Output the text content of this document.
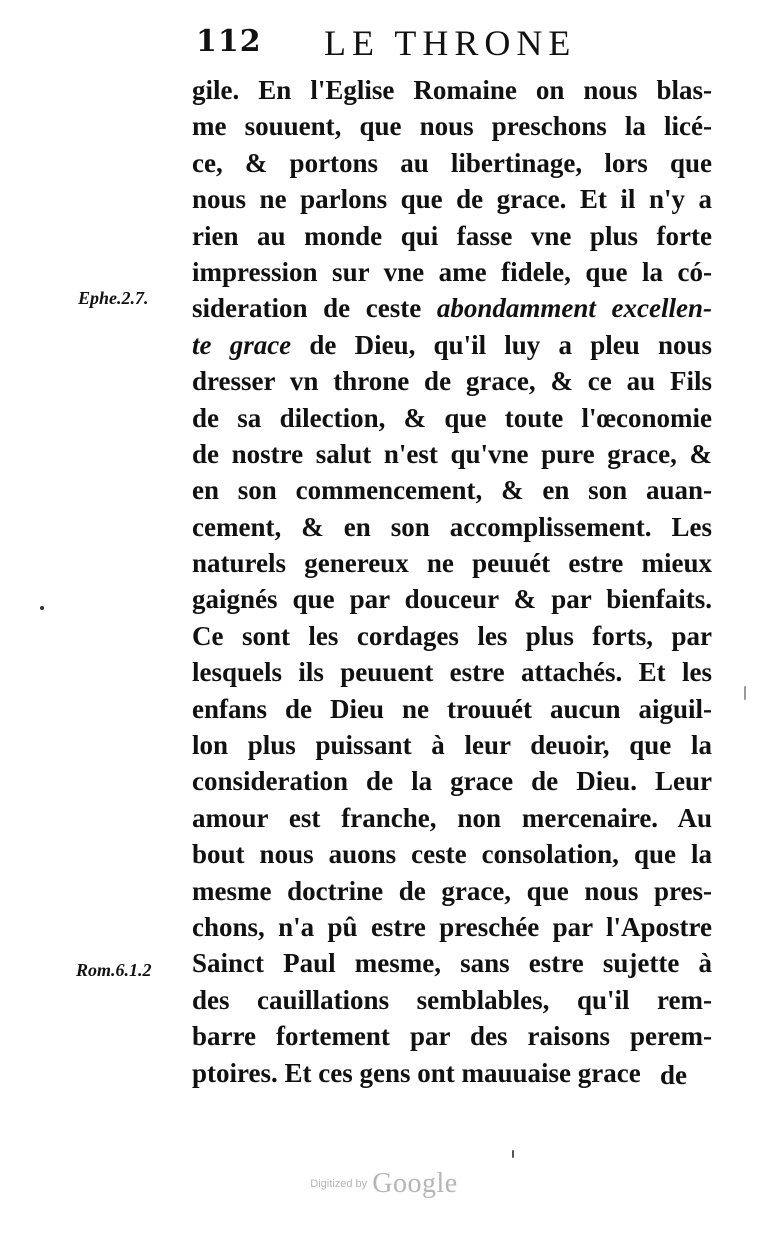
112 LE THRONE
gile. En l'Eglise Romaine on nous blas-
me souuent, que nous preschons la licé-
ce, & portons au libertinage, lors que
nous ne parlons que de grace. Et il n'y a
rien au monde qui fasse vne plus forte
impression sur vne ame fidele, que la có-
sideration de ceste abondamment excellen-
te grace de Dieu, qu'il luy a pleu nous
dresser vn throne de grace, & ce au Fils
de sa dilection, & que toute l'œconomie
de nostre salut n'est qu'vne pure grace, &
en son commencement, & en son auan-
cement, & en son accomplissement. Les
naturels genereux ne peuuét estre mieux
gaignés que par douceur & par bienfaits.
Ce sont les cordages les plus forts, par
lesquels ils peuuent estre attachés. Et les
enfans de Dieu ne trouuét aucun aiguil-
lon plus puissant à leur deuoir, que la
consideration de la grace de Dieu. Leur
amour est franche, non mercenaire. Au
bout nous auons ceste consolation, que la
mesme doctrine de grace, que nous pres-
chons, n'a pû estre preschée par l'Apostre
Sainct Paul mesme, sans estre sujette à
des cauillations semblables, qu'il rem-
barre fortement par des raisons perem-
ptoires. Et ces gens ont mauuaise grace
Ephe.2.7.
Rom.6.1.2
de
Digitized by Google
